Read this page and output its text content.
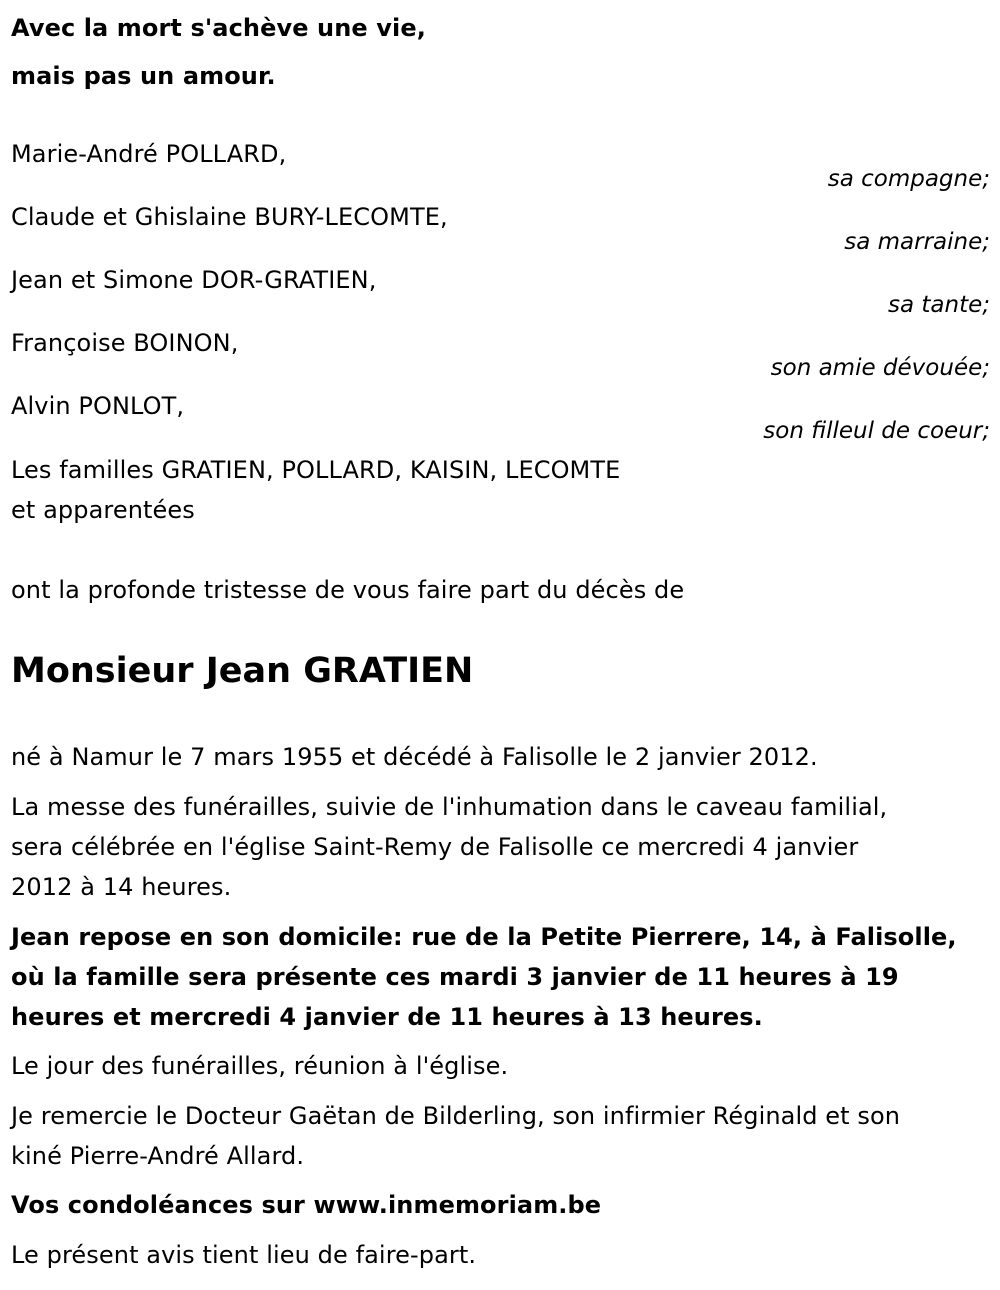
Avec la mort s'achève une vie,
mais pas un amour.
Marie-André POLLARD,
sa compagne;
Claude et Ghislaine BURY-LECOMTE,
sa marraine;
Jean et Simone DOR-GRATIEN,
sa tante;
Françoise BOINON,
son amie dévouée;
Alvin PONLOT,
son filleul de coeur;
Les familles GRATIEN, POLLARD, KAISIN, LECOMTE
et apparentées
ont la profonde tristesse de vous faire part du décès de
Monsieur Jean GRATIEN
né à Namur le 7 mars 1955 et décédé à Falisolle le 2 janvier 2012.
La messe des funérailles, suivie de l'inhumation dans le caveau familial,
sera célébrée en l'église Saint-Remy de Falisolle ce mercredi 4 janvier
2012 à 14 heures.
Jean repose en son domicile: rue de la Petite Pierrere, 14, à Falisolle,
où la famille sera présente ces mardi 3 janvier de 11 heures à 19
heures et mercredi 4 janvier de 11 heures à 13 heures.
Le jour des funérailles, réunion à l'église.
Je remercie le Docteur Gaëtan de Bilderling, son infirmier Réginald et son
kiné Pierre-André Allard.
Vos condoléances sur www.inmemoriam.be
Le présent avis tient lieu de faire-part.
